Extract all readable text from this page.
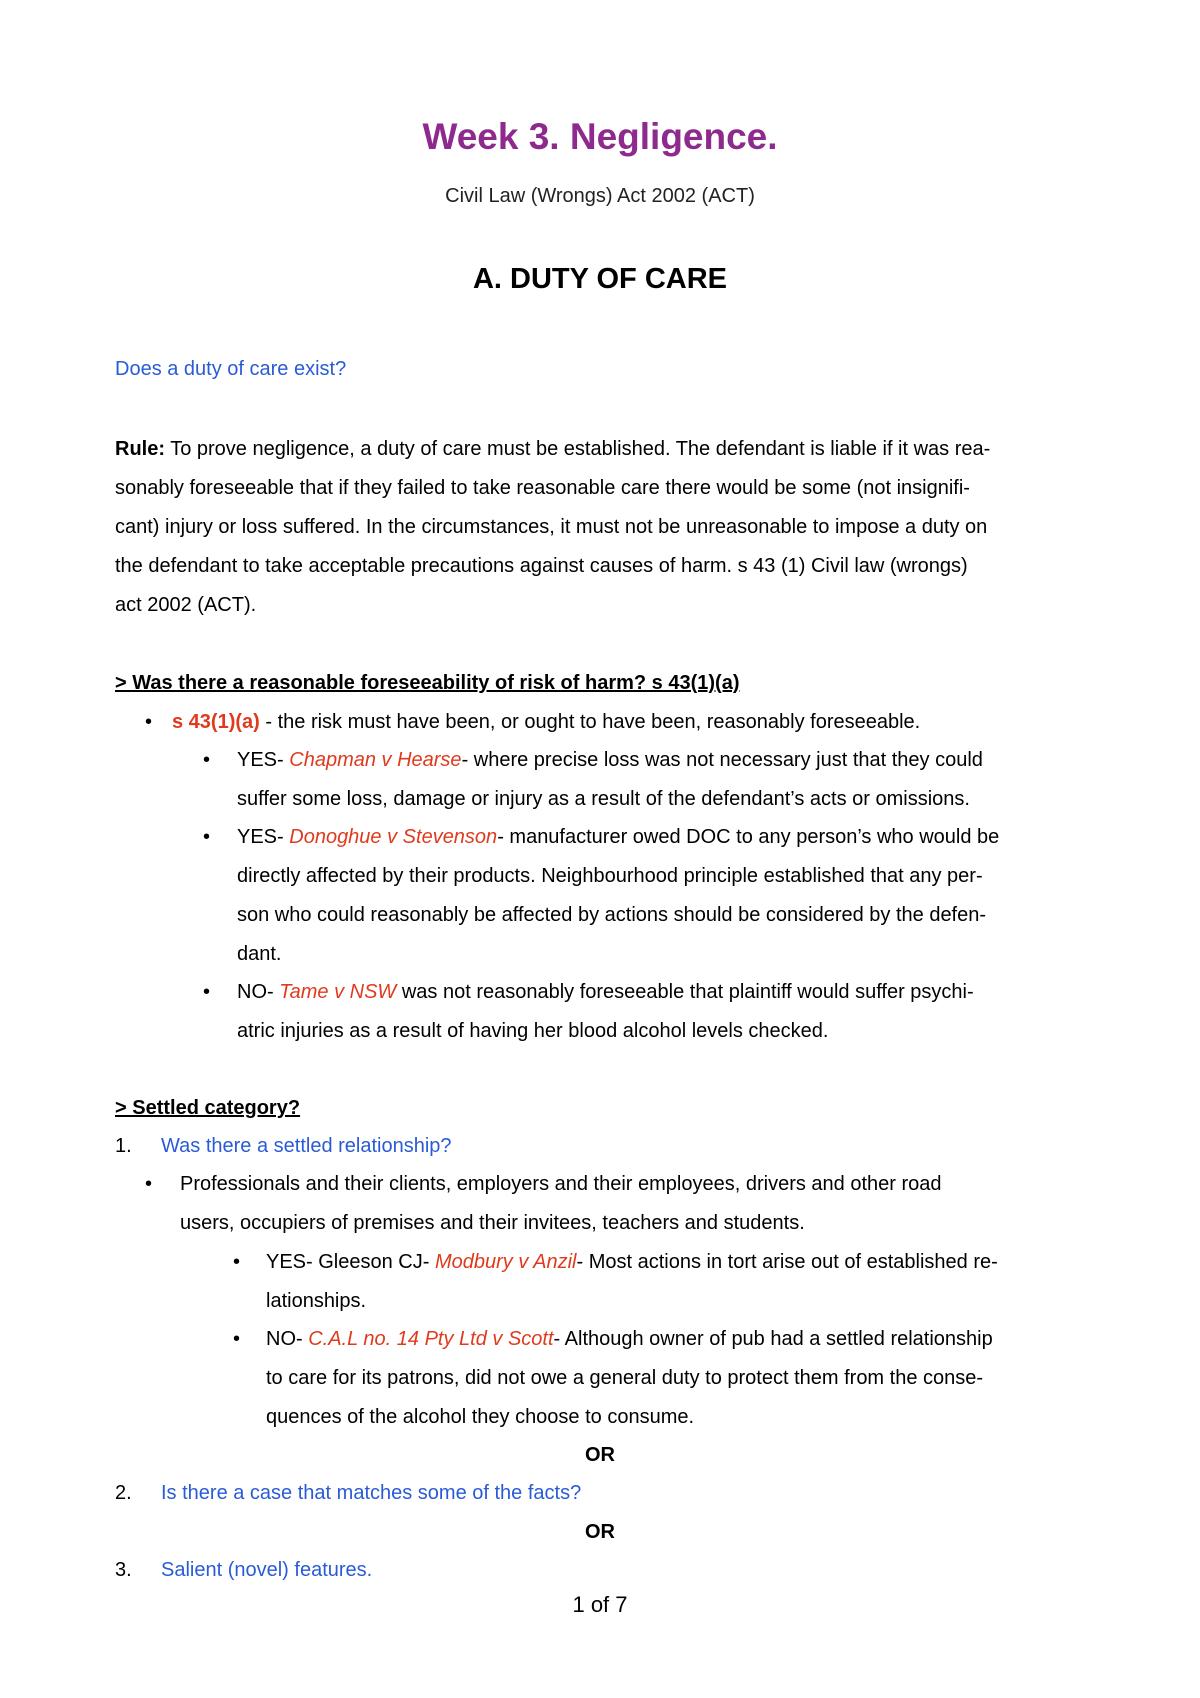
Week 3. Negligence.
Civil Law (Wrongs) Act 2002 (ACT)
A. DUTY OF CARE
Does a duty of care exist?
Rule: To prove negligence, a duty of care must be established. The defendant is liable if it was rea-
sonably foreseeable that if they failed to take reasonable care there would be some (not insignifi-
cant) injury or loss suffered. In the circumstances, it must not be unreasonable to impose a duty on
the defendant to take acceptable precautions against causes of harm. s 43 (1) Civil law (wrongs)
act 2002 (ACT).
> Was there a reasonable foreseeability of risk of harm? s 43(1)(a)
• s 43(1)(a) - the risk must have been, or ought to have been, reasonably foreseeable.
• YES- Chapman v Hearse- where precise loss was not necessary just that they could
suffer some loss, damage or injury as a result of the defendant’s acts or omissions.
• YES- Donoghue v Stevenson- manufacturer owed DOC to any person’s who would be
directly affected by their products. Neighbourhood principle established that any per-
son who could reasonably be affected by actions should be considered by the defen-
dant.
• NO- Tame v NSW was not reasonably foreseeable that plaintiff would suffer psychi-
atric injuries as a result of having her blood alcohol levels checked.
> Settled category?
1. Was there a settled relationship?
• Professionals and their clients, employers and their employees, drivers and other road
users, occupiers of premises and their invitees, teachers and students.
• YES- Gleeson CJ- Modbury v Anzil- Most actions in tort arise out of established re-
lationships.
• NO- C.A.L no. 14 Pty Ltd v Scott- Although owner of pub had a settled relationship
to care for its patrons, did not owe a general duty to protect them from the conse-
quences of the alcohol they choose to consume.
OR
2. Is there a case that matches some of the facts?
OR
3. Salient (novel) features.
1 of 7
